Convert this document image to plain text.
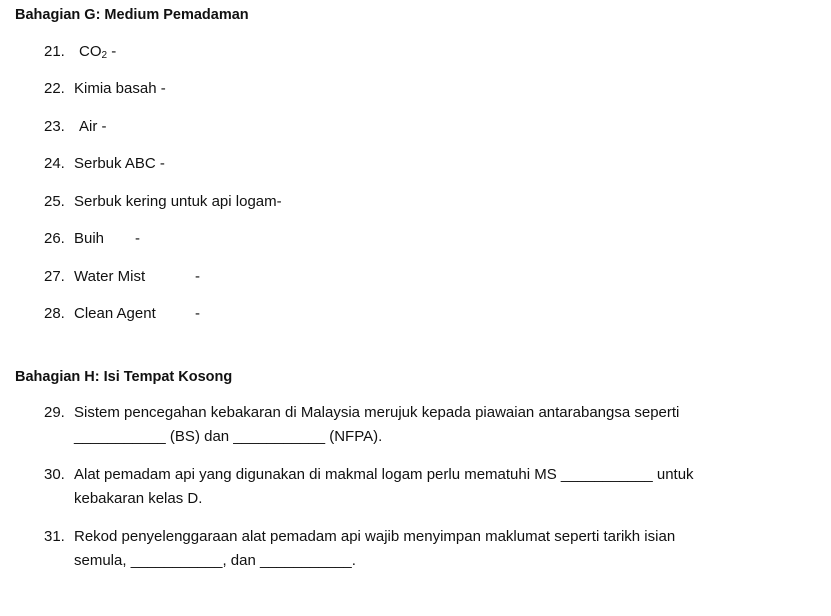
Bahagian G: Medium Pemadaman
21. $CO_2$ -
22. Kimia basah -
23. Air -
24. Serbuk ABC -
25. Serbuk kering untuk api logam-
26. Buih -
27. Water Mist	-
28. Clean Agent	-
Bahagian H: Isi Tempat Kosong
29. Sistem pencegahan kebakaran di Malaysia merujuk kepada piawaian antarabangsa seperti
___________ (BS) dan ___________ (NFPA).
30. Alat pemadam api yang digunakan di makmal logam perlu mematuhi MS ___________ untuk
kebakaran kelas D.
31. Rekod penyelenggaraan alat pemadam api wajib menyimpan maklumat seperti tarikh isian
semula, ___________, dan ___________.
